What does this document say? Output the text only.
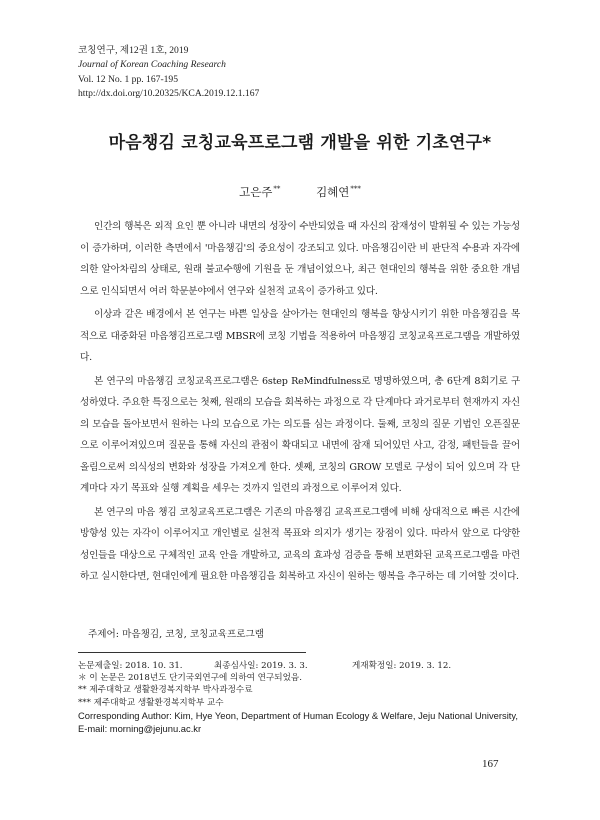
코칭연구, 제12권 1호, 2019
Journal of Korean Coaching Research
Vol. 12 No. 1 pp. 167-195
http://dx.doi.org/10.20325/KCA.2019.12.1.167
마음챙김 코칭교육프로그램 개발을 위한 기초연구*
고은주**	김혜연***

인간의 행복은 외적 요인 뿐 아니라 내면의 성장이 수반되었을 때 자신의 잠재성이 발휘될 수 있는 가능성이 증가하며, 이러한 측면에서 '마음챙김'의 중요성이 강조되고 있다. 마음챙김이란 비 판단적 수용과 자각에 의한 알아차림의 상태로, 원래 불교수행에 기원을 둔 개념이었으나, 최근 현대인의 행복을 위한 중요한 개념으로 인식되면서 여러 학문분야에서 연구와 실천적 교육이 증가하고 있다.

이상과 같은 배경에서 본 연구는 바쁜 일상을 살아가는 현대인의 행복을 향상시키기 위한 마음챙김을 목적으로 대중화된 마음챙김프로그램 MBSR에 코칭 기법을 적용하여 마음챙김 코칭교육프로그램을 개발하였다.

본 연구의 마음챙김 코칭교육프로그램은 6step ReMindfulness로 명명하였으며, 총 6단계 8회기로 구성하였다. 주요한 특징으로는 첫째, 원래의 모습을 회복하는 과정으로 각 단계마다 과거로부터 현재까지 자신의 모습을 돌아보면서 원하는 나의 모습으로 가는 의도를 심는 과정이다. 둘째, 코칭의 질문 기법인 오픈질문으로 이루어져있으며 질문을 통해 자신의 관점이 확대되고 내면에 잠재 되어있던 사고, 감정, 패턴들을 끌어올림으로써 의식성의 변화와 성장을 가져오게 한다. 셋째, 코칭의 GROW 모델로 구성이 되어 있으며 각 단계마다 자기 목표와 실행 계획을 세우는 것까지 일련의 과정으로 이루어져 있다.

본 연구의 마음 챙김 코칭교육프로그램은 기존의 마음챙김 교육프로그램에 비해 상대적으로 빠른 시간에 방향성 있는 자각이 이루어지고 개인별로 실천적 목표와 의지가 생기는 장점이 있다. 따라서 앞으로 다양한 성인들을 대상으로 구체적인 교육 안을 개발하고, 교육의 효과성 검증을 통해 보편화된 교육프로그램을 마련하고 실시한다면, 현대인에게 필요한 마음챙김을 회복하고 자신이 원하는 행복을 추구하는 데 기여할 것이다.

주제어: 마음챙김, 코칭, 코칭교육프로그램
논문제출일: 2018. 10. 31.	최종심사일: 2019. 3. 3.	게재확정일: 2019. 3. 12.
＊ 이 논문은 2018년도 단기국외연구에 의하여 연구되었음.
** 제주대학교 생활환경복지학부 박사과정수료
*** 제주대학교 생활환경복지학부 교수
Corresponding Author: Kim, Hye Yeon, Department of Human Ecology & Welfare, Jeju National University, E-mail: morning@jejunu.ac.kr
167
